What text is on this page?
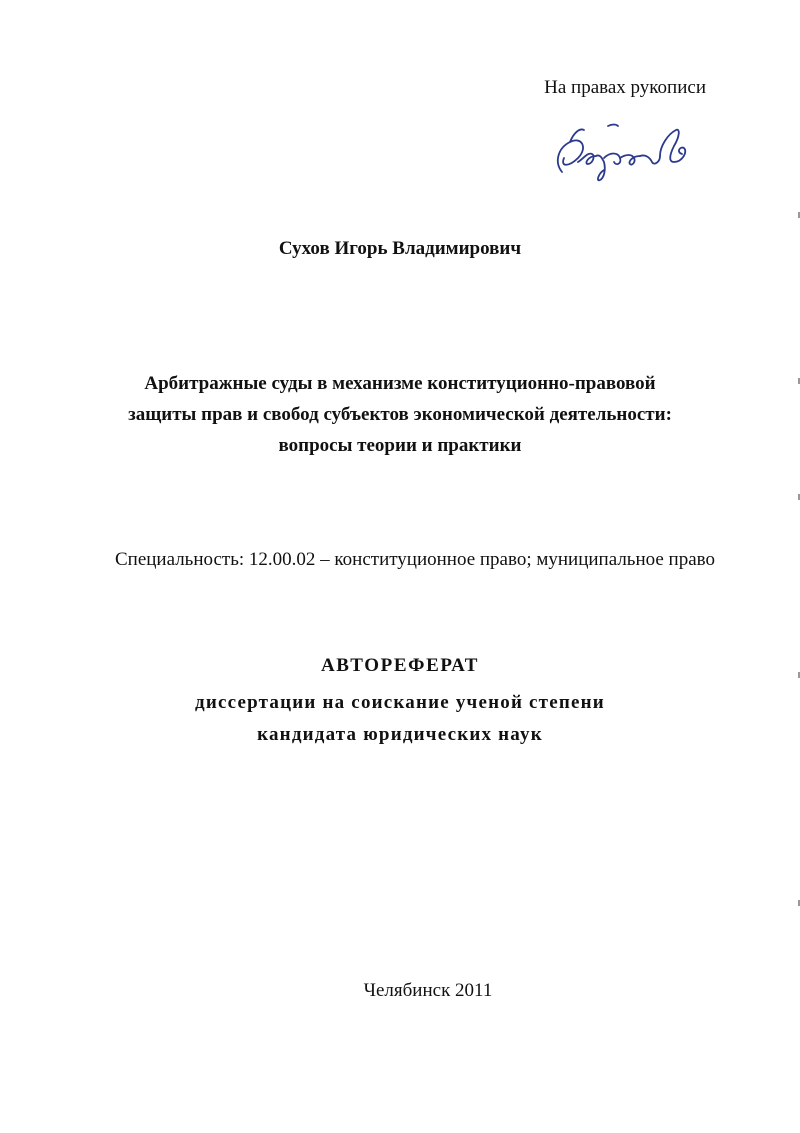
На правах рукописи
Сухов Игорь Владимирович
Арбитражные суды в механизме конституционно-правовой
защиты прав и свобод субъектов экономической деятельности:
вопросы теории и практики
Специальность: 12.00.02 – конституционное право; муниципальное право
АВТОРЕФЕРАТ
диссертации на соискание ученой степени
кандидата юридических наук
Челябинск 2011
